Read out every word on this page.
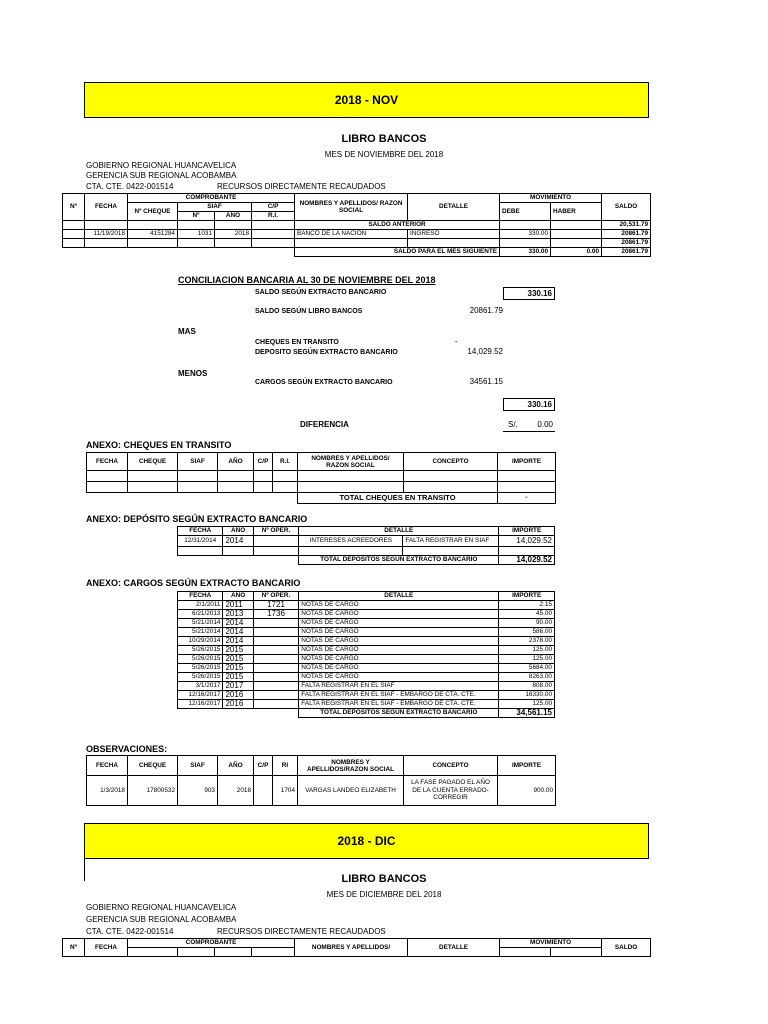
2018 - NOV
LIBRO BANCOS
MES DE NOVIEMBRE DEL 2018
GOBIERNO REGIONAL HUANCAVELICA
GERENCIA SUB REGIONAL ACOBAMBA
CTA. CTE. 0422-001514	RECURSOS DIRECTAMENTE RECAUDADOS
Nº	FECHA	COMPROBANTE				NOMBRES Y APELLIDOS/ RAZON SOCIAL	DETALLE	MOVIMIENTO		SALDO
		Nº CHEQUE	SIAF		C/P			DEBE	HABER	
			Nº	AÑO	R.I.					
						SALDO ANTERIOR				20,531.79
	11/19/2018	4151284	1031	2018		BANCO DE LA NACION	INGRESO	330.00		20861.79
										20861.79
						SALDO PARA EL MES SIGUIENTE		330.00	0.00	20861.79
CONCILIACION BANCARIA AL 30 DE NOVIEMBRE DEL 2018
SALDO SEGÚN EXTRACTO BANCARIO	330.16
SALDO SEGÚN LIBRO BANCOS	20861.79
MAS
CHEQUES EN TRANSITO	-
DEPOSITO SEGÚN EXTRACTO BANCARIO	14,029.52
MENOS
CARGOS SEGÚN EXTRACTO BANCARIO	34561.15
330.16
DIFERENCIA	S/.	0.00
ANEXO: CHEQUES EN TRANSITO
FECHA	CHEQUE	SIAF	AÑO	C/P	R.I.	NOMBRES Y APELLIDOS/ RAZON SOCIAL	CONCEPTO	IMPORTE

						TOTAL CHEQUES EN TRANSITO		-
ANEXO: DEPÓSITO SEGÚN EXTRACTO BANCARIO
FECHA	AÑO	Nº OPER.	DETALLE		IMPORTE
12/31/2014	2014		INTERESES ACREEDORES	FALTA REGISTRAR EN SIAF	14,029.52

			TOTAL DEPÓSITOS SEGÚN EXTRACTO BANCARIO		14,029.52
ANEXO: CARGOS SEGÚN EXTRACTO BANCARIO
FECHA	AÑO	Nº OPER.	DETALLE	IMPORTE
2/1/2011	2011	1721	NOTAS DE CARGO	2.15
6/21/2013	2013	1736	NOTAS DE CARGO	45.00
5/21/2014	2014		NOTAS DE CARGO	90.00
5/21/2014	2014		NOTAS DE CARGO	586.00
10/29/2014	2014		NOTAS DE CARGO	2378.00
5/26/2015	2015		NOTAS DE CARGO	125.00
5/26/2015	2015		NOTAS DE CARGO	125.00
5/26/2015	2015		NOTAS DE CARGO	5684.00
5/26/2015	2015		NOTAS DE CARGO	8263.00
3/1/2017	2017		FALTA REGISTRAR EN EL SIAF	808.00
12/16/2017	2016		FALTA REGISTRAR EN EL SIAF - EMBARGO DE CTA. CTE.	16330.00
12/16/2017	2016		FALTA REGISTRAR EN EL SIAF - EMBARGO DE CTA. CTE.	125.00
			TOTAL DEPÓSITOS SEGÚN EXTRACTO BANCARIO	34,561.15
OBSERVACIONES:
FECHA	CHEQUE	SIAF	AÑO	C/P	RI	NOMBRES Y APELLIDOS/RAZON SOCIAL	CONCEPTO	IMPORTE
1/3/2018	17800532	903	2018		1704	VARGAS LANDEO ELIZABETH	LA FASE PAGADO EL AÑO DE LA CUENTA ERRADO-CORREGIR	900.00
2018 - DIC
LIBRO BANCOS
MES DE DICIEMBRE DEL 2018
GOBIERNO REGIONAL HUANCAVELICA
GERENCIA SUB REGIONAL ACOBAMBA
CTA. CTE. 0422-001514	RECURSOS DIRECTAMENTE RECAUDADOS
Nº	FECHA	COMPROBANTE				NOMBRES Y APELLIDOS/	DETALLE	MOVIMIENTO		SALDO
